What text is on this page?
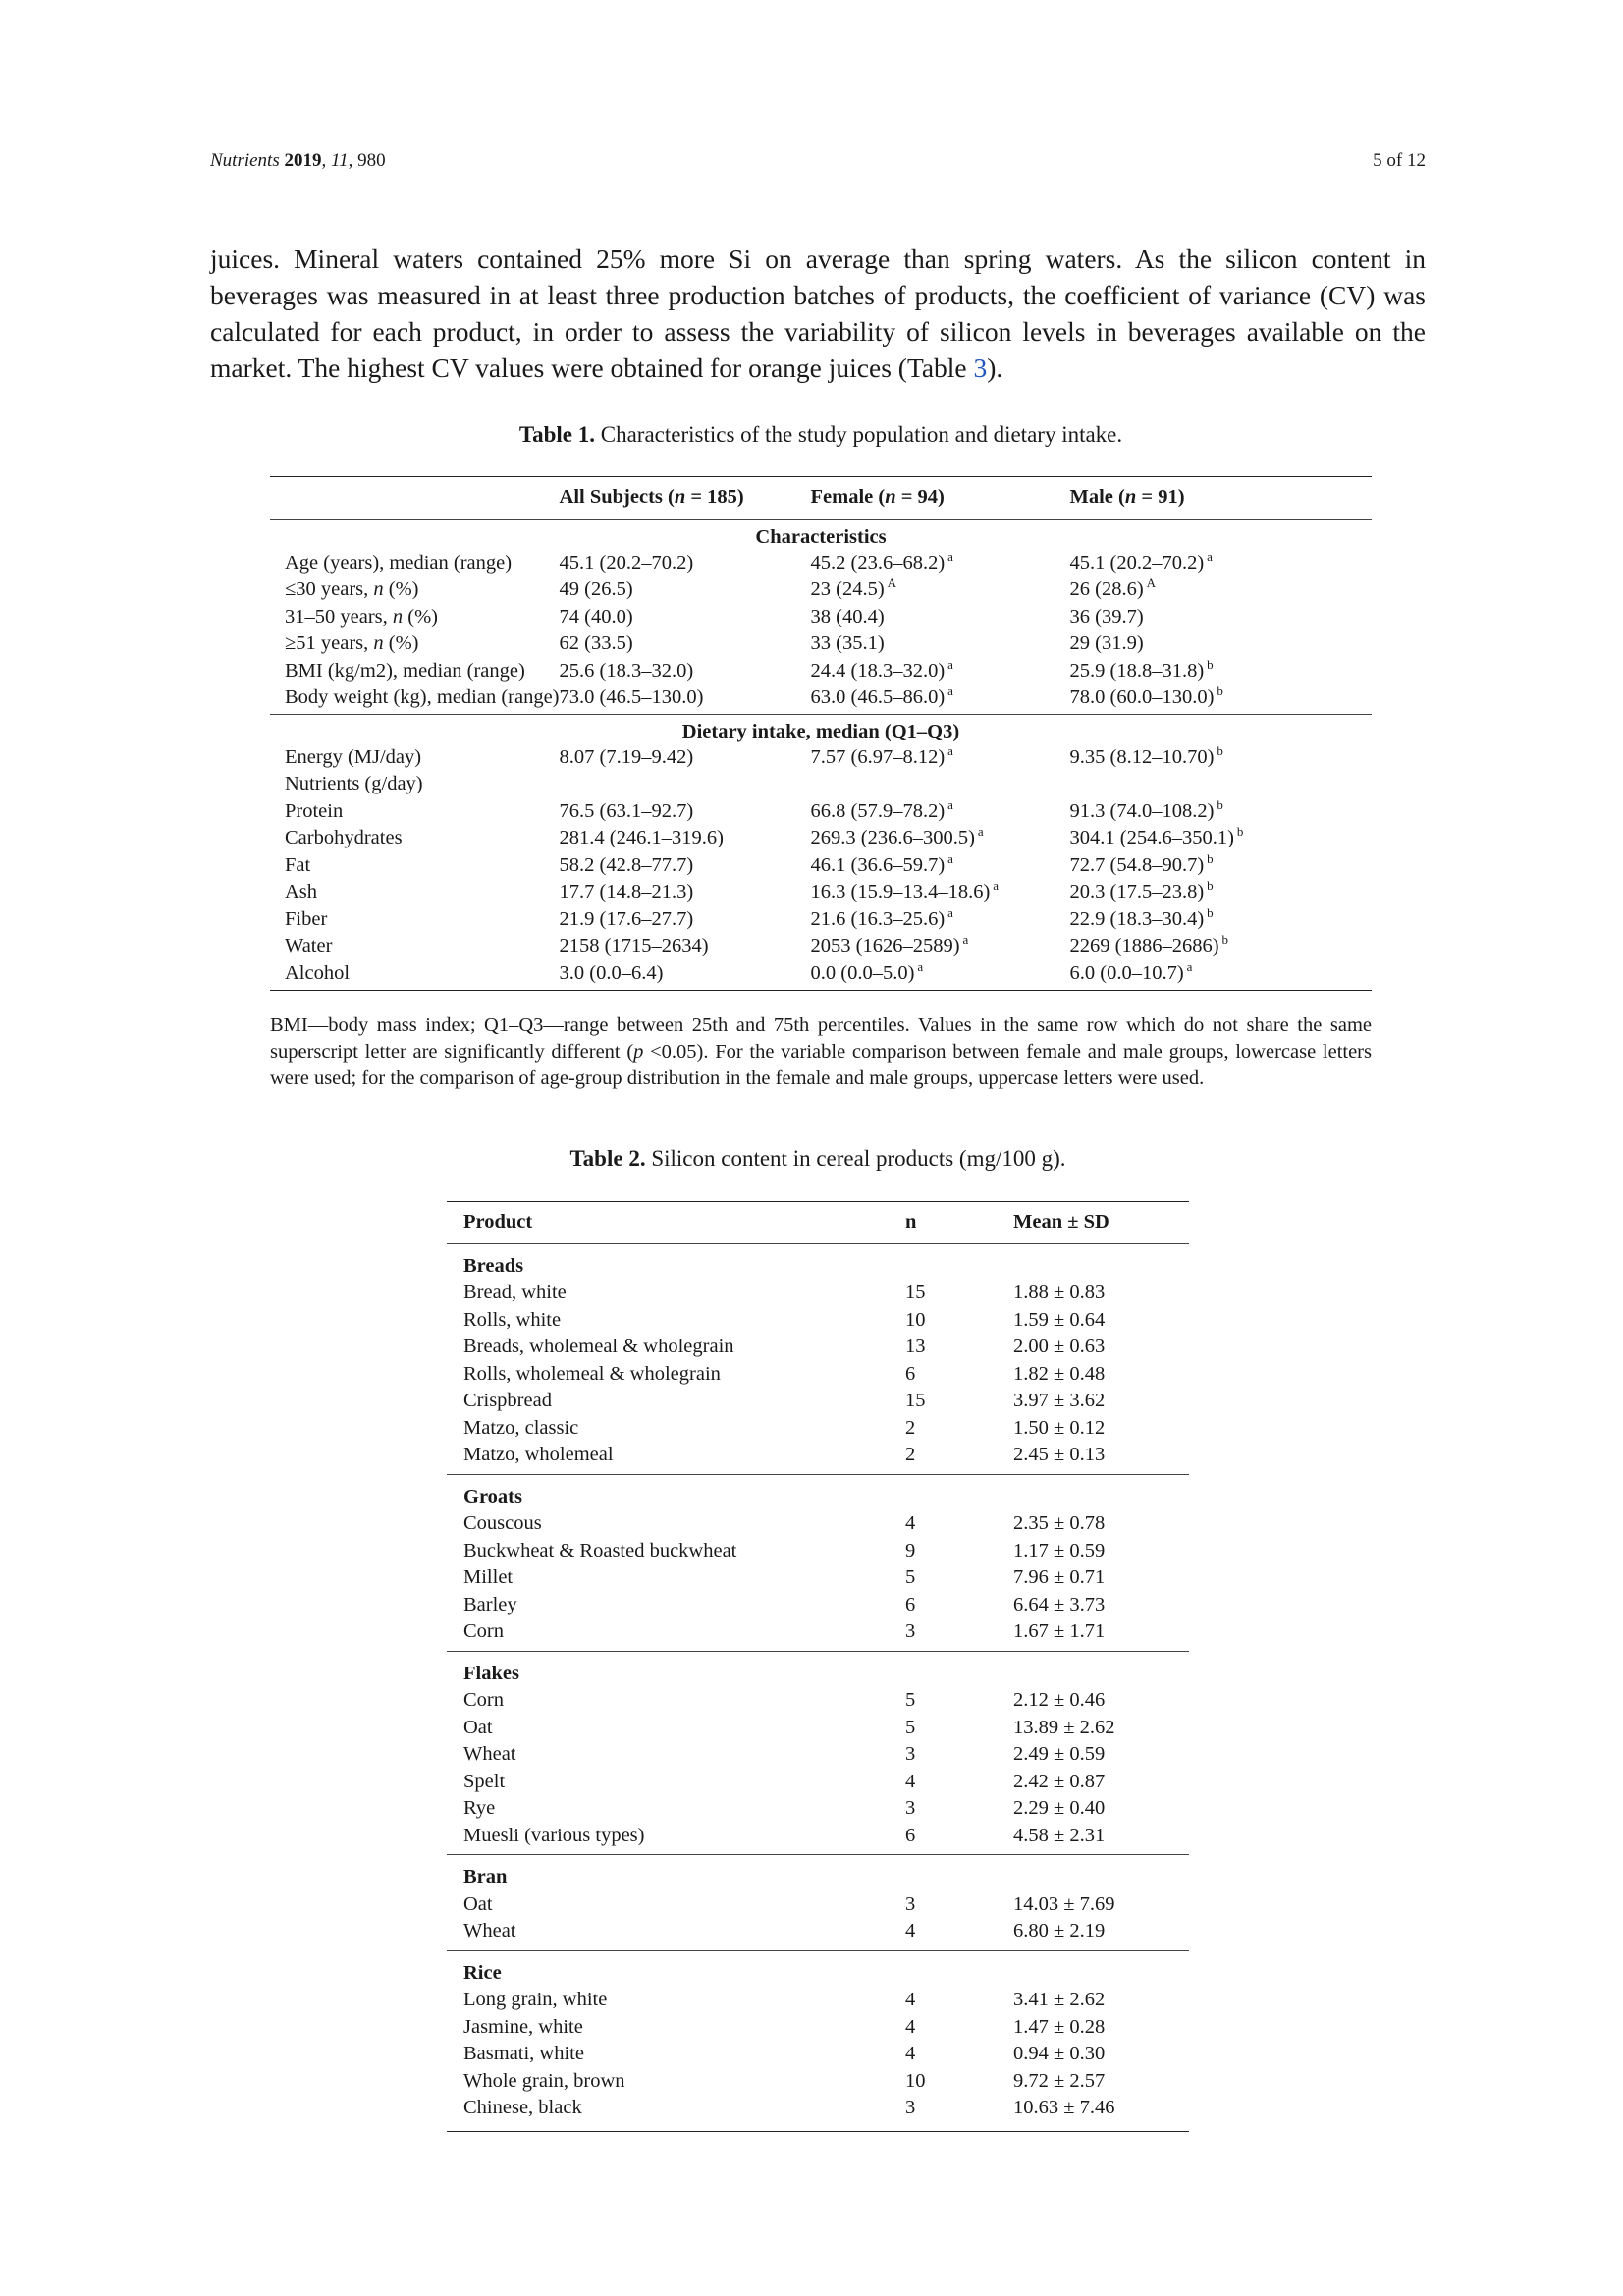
Nutrients 2019, 11, 980	5 of 12

juices. Mineral waters contained 25% more Si on average than spring waters. As the silicon content in beverages was measured in at least three production batches of products, the coefficient of variance (CV) was calculated for each product, in order to assess the variability of silicon levels in beverages available on the market. The highest CV values were obtained for orange juices (Table 3).

Table 1. Characteristics of the study population and dietary intake.
	All Subjects (n = 185)	Female (n = 94)	Male (n = 91)
Characteristics			
Age (years), median (range)	45.1 (20.2–70.2)	45.2 (23.6–68.2) $^a$	45.1 (20.2–70.2) $^a$
≤30 years, n (%)	49 (26.5)	23 (24.5) $^A$	26 (28.6) $^A$
31–50 years, n (%)	74 (40.0)	38 (40.4)	36 (39.7)
≥51 years, n (%)	62 (33.5)	33 (35.1)	29 (31.9)
BMI (kg/m2), median (range)	25.6 (18.3–32.0)	24.4 (18.3–32.0) $^a$	25.9 (18.8–31.8) $^b$
Body weight (kg), median (range)	73.0 (46.5–130.0)	63.0 (46.5–86.0) $^a$	78.0 (60.0–130.0) $^b$
Dietary intake, median (Q1–Q3)			
Energy (MJ/day)	8.07 (7.19–9.42)	7.57 (6.97–8.12) $^a$	9.35 (8.12–10.70) $^b$
Nutrients (g/day)			
Protein	76.5 (63.1–92.7)	66.8 (57.9–78.2) $^a$	91.3 (74.0–108.2) $^b$
Carbohydrates	281.4 (246.1–319.6)	269.3 (236.6–300.5) $^a$	304.1 (254.6–350.1) $^b$
Fat	58.2 (42.8–77.7)	46.1 (36.6–59.7) $^a$	72.7 (54.8–90.7) $^b$
Ash	17.7 (14.8–21.3)	16.3 (15.9–13.4–18.6) $^a$	20.3 (17.5–23.8) $^b$
Fiber	21.9 (17.6–27.7)	21.6 (16.3–25.6) $^a$	22.9 (18.3–30.4) $^b$
Water	2158 (1715–2634)	2053 (1626–2589) $^a$	2269 (1886–2686) $^b$
Alcohol	3.0 (0.0–6.4)	0.0 (0.0–5.0) $^a$	6.0 (0.0–10.7) $^a$

BMI—body mass index; Q1–Q3—range between 25th and 75th percentiles. Values in the same row which do not share the same superscript letter are significantly different (p <0.05). For the variable comparison between female and male groups, lowercase letters were used; for the comparison of age-group distribution in the female and male groups, uppercase letters were used.

Table 2. Silicon content in cereal products (mg/100 g).
Product	n	Mean ± SD
Breads		
Bread, white	15	1.88 ± 0.83
Rolls, white	10	1.59 ± 0.64
Breads, wholemeal & wholegrain	13	2.00 ± 0.63
Rolls, wholemeal & wholegrain	6	1.82 ± 0.48
Crispbread	15	3.97 ± 3.62
Matzo, classic	2	1.50 ± 0.12
Matzo, wholemeal	2	2.45 ± 0.13
Groats		
Couscous	4	2.35 ± 0.78
Buckwheat & Roasted buckwheat	9	1.17 ± 0.59
Millet	5	7.96 ± 0.71
Barley	6	6.64 ± 3.73
Corn	3	1.67 ± 1.71
Flakes		
Corn	5	2.12 ± 0.46
Oat	5	13.89 ± 2.62
Wheat	3	2.49 ± 0.59
Spelt	4	2.42 ± 0.87
Rye	3	2.29 ± 0.40
Muesli (various types)	6	4.58 ± 2.31
Bran		
Oat	3	14.03 ± 7.69
Wheat	4	6.80 ± 2.19
Rice		
Long grain, white	4	3.41 ± 2.62
Jasmine, white	4	1.47 ± 0.28
Basmati, white	4	0.94 ± 0.30
Whole grain, brown	10	9.72 ± 2.57
Chinese, black	3	10.63 ± 7.46
